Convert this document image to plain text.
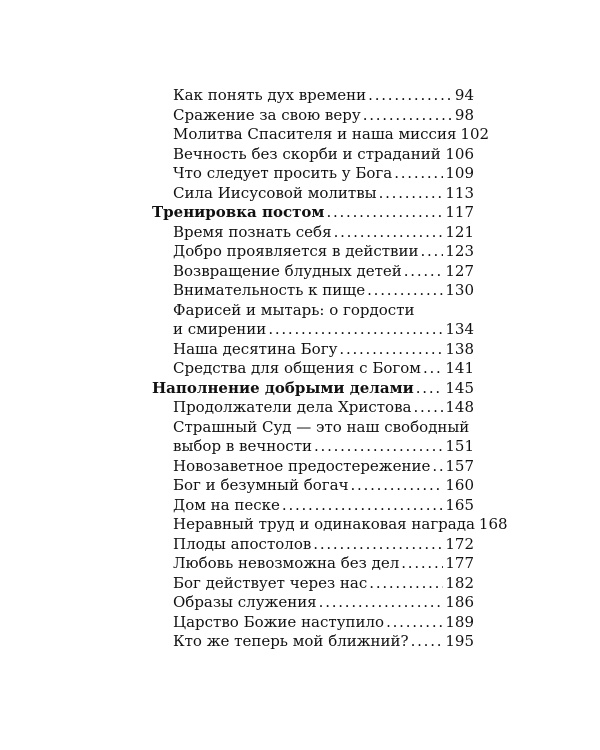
Как понять дух времени . . .	94
Сражение за свою веру . . .	98
Молитва Спасителя и наша миссия 102
Вечность без скорби и страданий . . . 106
Что следует просить у Бога . . .	109
Сила Иисусовой молитвы . . .	113
Тренировка постом . . .	117
Время познать себя . . .	121
Добро проявляется в действии . . . 123
Возвращение блудных детей . . .	127
Внимательность к пище . . .	130
Фарисей и мытарь: о гордости
и смирении . . .	134
Наша десятина Богу . . .	138
Средства для общения с Богом . . . 141
Наполнение добрыми делами . . . 145
Продолжатели дела Христова . . . 148
Страшный Суд — это наш свободный
выбор в вечности . . .	151
Новозаветное предостережение . . . 157
Бог и безумный богач . . .	160
Дом на песке . . .	165
Неравный труд и одинаковая награда 168
Плоды апостолов . . .	172
Любовь невозможна без дел . . .	177
Бог действует через нас . . .	182
Образы служения . . .	186
Царство Божие наступило . . .	189
Кто же теперь мой ближний? . . . 195
